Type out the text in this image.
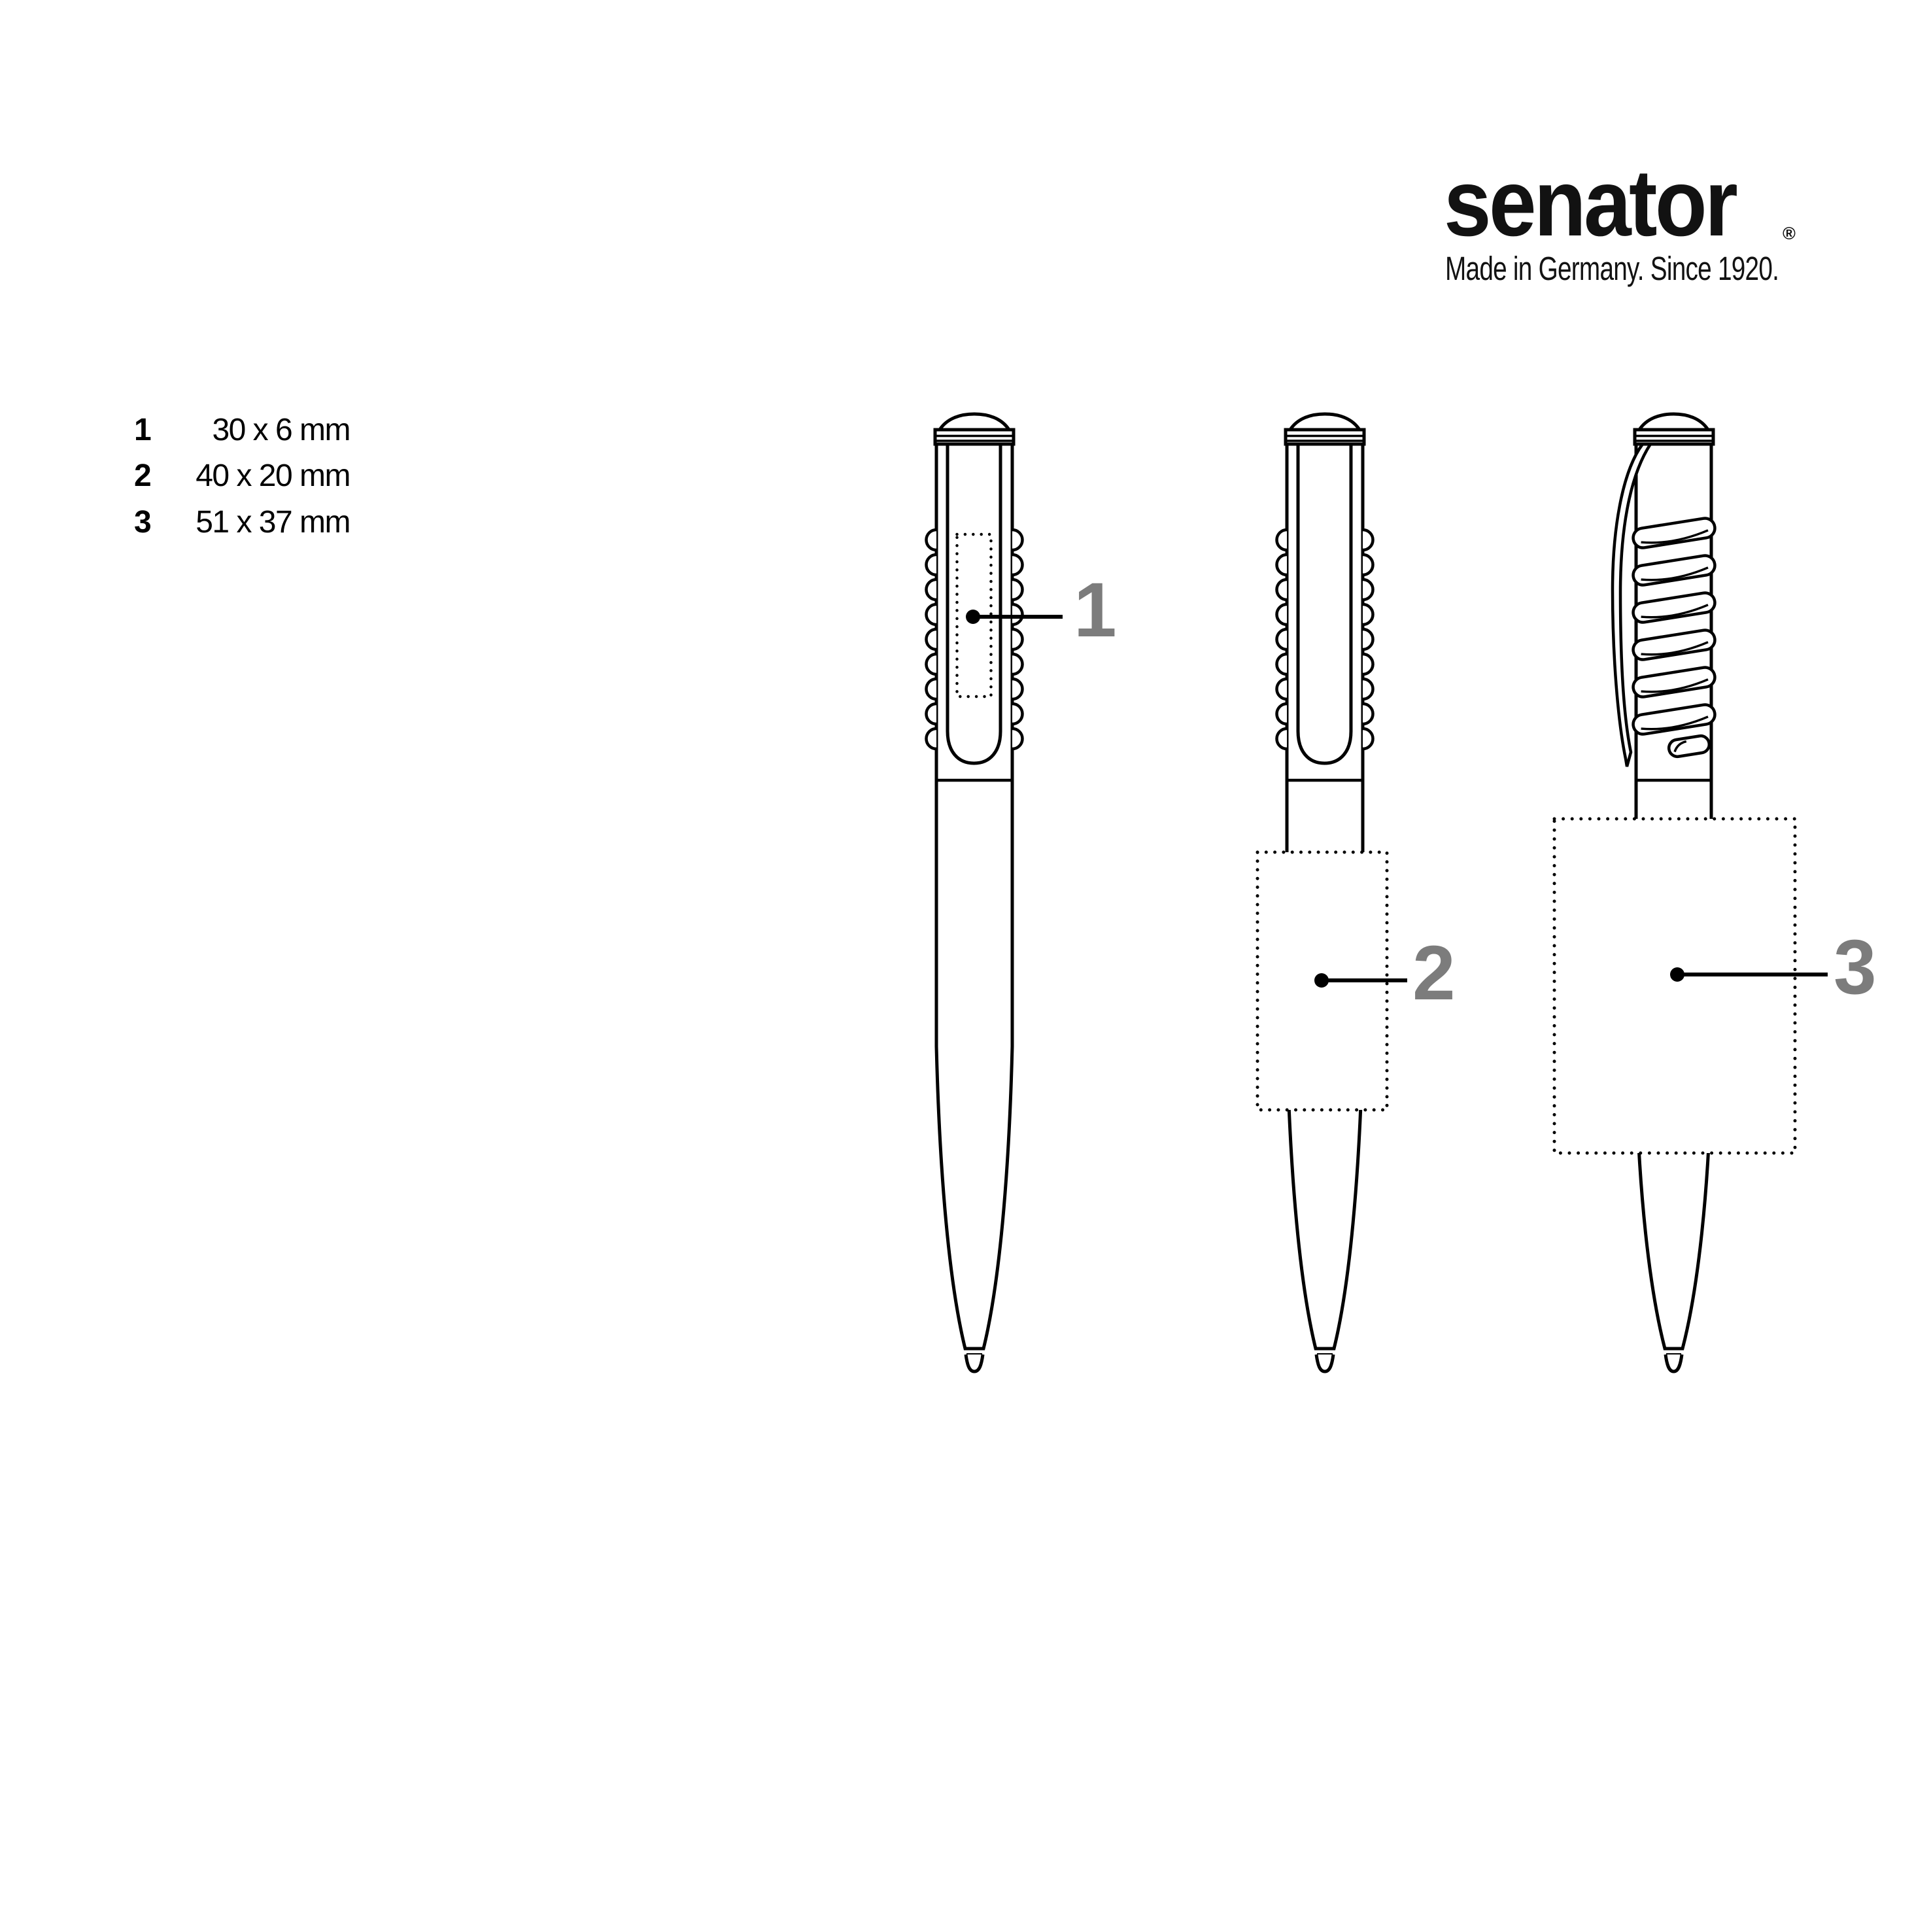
senator	®
Made in Germany. Since 1920.
1	30 x 6 mm
2	40 x 20 mm
3	51 x 37 mm
1
2	3
